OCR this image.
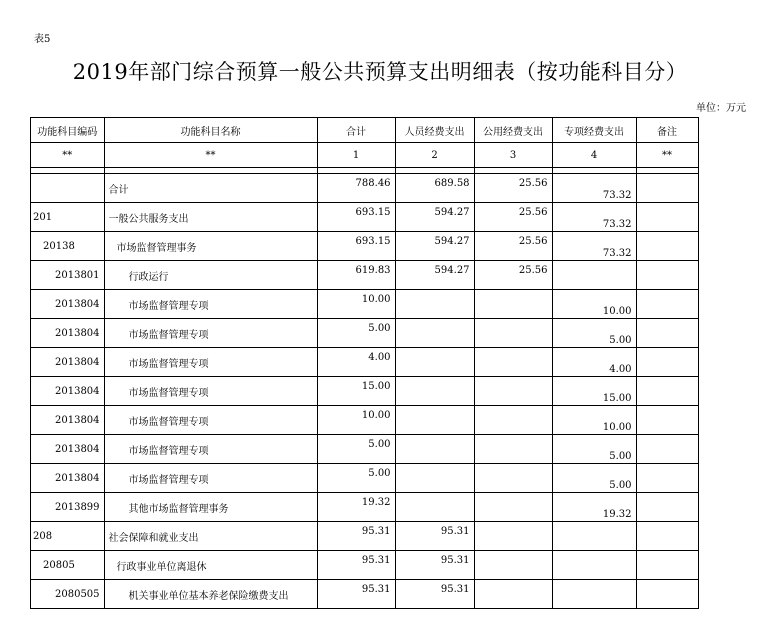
表5
2019年部门综合预算一般公共预算支出明细表（按功能科目分）
单位：万元
功能科目编码	功能科目名称	合计	人员经费支出	公用经费支出	专项经费支出	备注
**	**	1	2	3	4	**

	合计	788.46	689.58	25.56	73.32	
201	一般公共服务支出	693.15	594.27	25.56	73.32	
20138	市场监督管理事务	693.15	594.27	25.56	73.32	
2013801	行政运行	619.83	594.27	25.56		
2013804	市场监督管理专项	10.00			10.00	
2013804	市场监督管理专项	5.00			5.00	
2013804	市场监督管理专项	4.00			4.00	
2013804	市场监督管理专项	15.00			15.00	
2013804	市场监督管理专项	10.00			10.00	
2013804	市场监督管理专项	5.00			5.00	
2013804	市场监督管理专项	5.00			5.00	
2013899	其他市场监督管理事务	19.32			19.32	
208	社会保障和就业支出	95.31	95.31			
20805	行政事业单位离退休	95.31	95.31			
2080505	机关事业单位基本养老保险缴费支出	95.31	95.31			
